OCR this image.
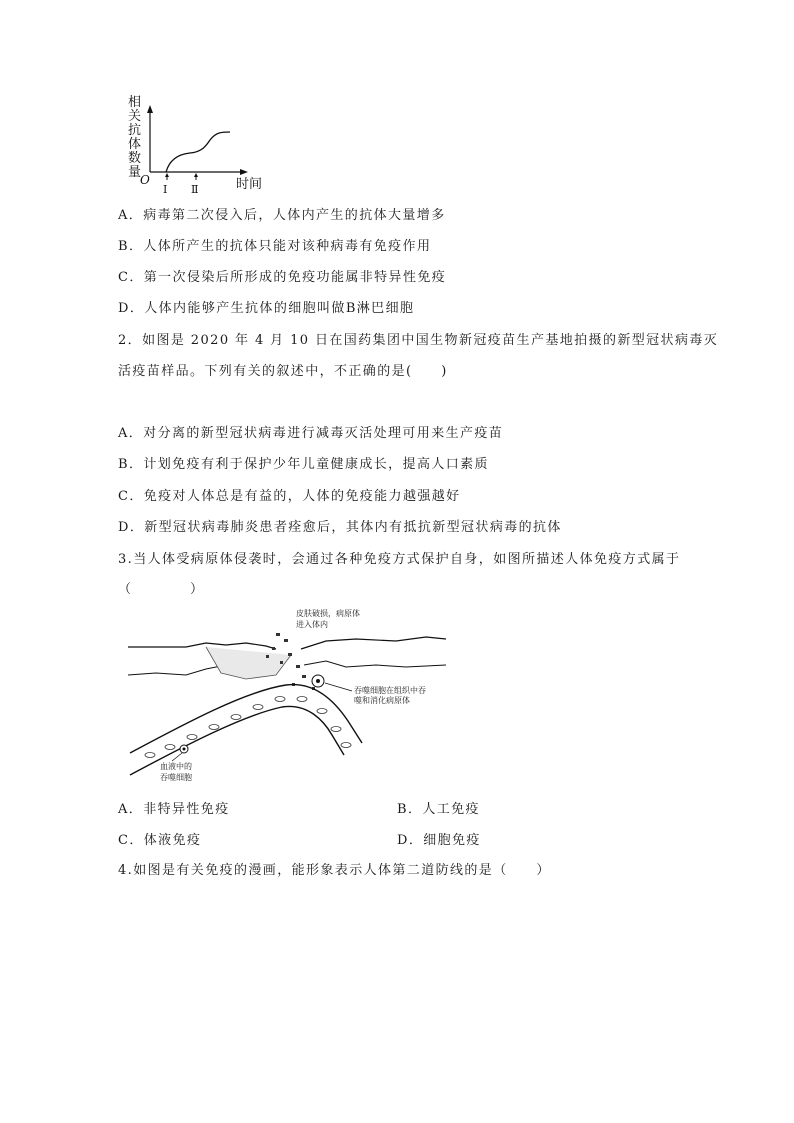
相
关
抗
体
数
量
O	时间
Ⅰ Ⅱ
A．病毒第二次侵入后，人体内产生的抗体大量增多
B．人体所产生的抗体只能对该种病毒有免疫作用
C．第一次侵染后所形成的免疫功能属非特异性免疫
D．人体内能够产生抗体的细胞叫做B淋巴细胞
2．如图是 2020 年 4 月 10 日在国药集团中国生物新冠疫苗生产基地拍摄的新型冠状病毒灭
活疫苗样品。下列有关的叙述中，不正确的是(　　)
A．对分离的新型冠状病毒进行减毒灭活处理可用来生产疫苗
B．计划免疫有利于保护少年儿童健康成长，提高人口素质
C．免疫对人体总是有益的，人体的免疫能力越强越好
D．新型冠状病毒肺炎患者痊愈后，其体内有抵抗新型冠状病毒的抗体
3.当人体受病原体侵袭时，会通过各种免疫方式保护自身，如图所描述人体免疫方式属于
（　　　　）
皮肤破损，病原体
进入体内
吞噬细胞在组织中吞
噬和消化病原体
血液中的
吞噬细胞
A．非特异性免疫	B．人工免疫
C．体液免疫	D．细胞免疫
4.如图是有关免疫的漫画，能形象表示人体第二道防线的是（　　）
